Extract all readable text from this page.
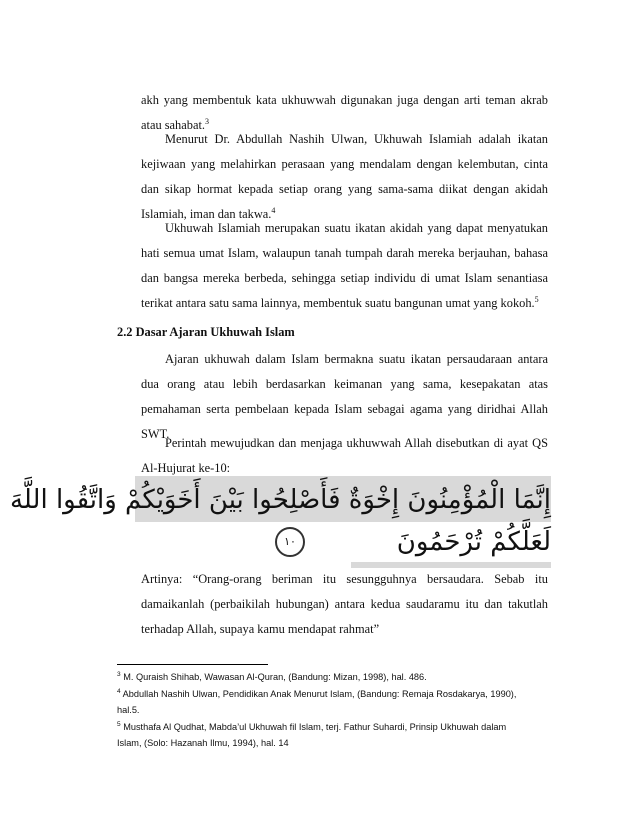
akh yang membentuk kata ukhuwwah digunakan juga dengan arti teman akrab
atau sahabat.$^3$
Menurut Dr. Abdullah Nashih Ulwan, Ukhuwah Islamiah adalah ikatan
kejiwaan yang melahirkan perasaan yang mendalam dengan kelembutan, cinta
dan sikap hormat kepada setiap orang yang sama-sama diikat dengan akidah
Islamiah, iman dan takwa.$^4$
Ukhuwah Islamiah merupakan suatu ikatan akidah yang dapat menyatukan
hati semua umat Islam, walaupun tanah tumpah darah mereka berjauhan, bahasa
dan bangsa mereka berbeda, sehingga setiap individu di umat Islam senantiasa
terikat antara satu sama lainnya, membentuk suatu bangunan umat yang kokoh.$^5$
2.2 Dasar Ajaran Ukhuwah Islam
Ajaran ukhuwah dalam Islam bermakna suatu ikatan persaudaraan antara
dua orang atau lebih berdasarkan keimanan yang sama, kesepakatan atas
pemahaman serta pembelaan kepada Islam sebagai agama yang diridhai Allah
SWT.
Perintah mewujudkan dan menjaga ukhuwwah Allah disebutkan di ayat QS
Al-Hujurat ke-10:
إِنَّمَا الْمُؤْمِنُونَ إِخْوَةٌ فَأَصْلِحُوا بَيْنَ أَخَوَيْكُمْ وَاتَّقُوا اللَّهَ
لَعَلَّكُمْ تُرْحَمُونَ
١٠
Artinya: “Orang-orang beriman itu sesungguhnya bersaudara. Sebab itu
damaikanlah (perbaikilah hubungan) antara kedua saudaramu itu dan takutlah
terhadap Allah, supaya kamu mendapat rahmat”
$^3$ M. Quraish Shihab, Wawasan Al-Quran, (Bandung: Mizan, 1998), hal. 486.
$^4$ Abdullah Nashih Ulwan, Pendidikan Anak Menurut Islam, (Bandung: Remaja Rosdakarya, 1990),
hal.5.
$^5$ Musthafa Al Qudhat, Mabda’ul Ukhuwah fil Islam, terj. Fathur Suhardi, Prinsip Ukhuwah dalam
Islam, (Solo: Hazanah Ilmu, 1994), hal. 14
